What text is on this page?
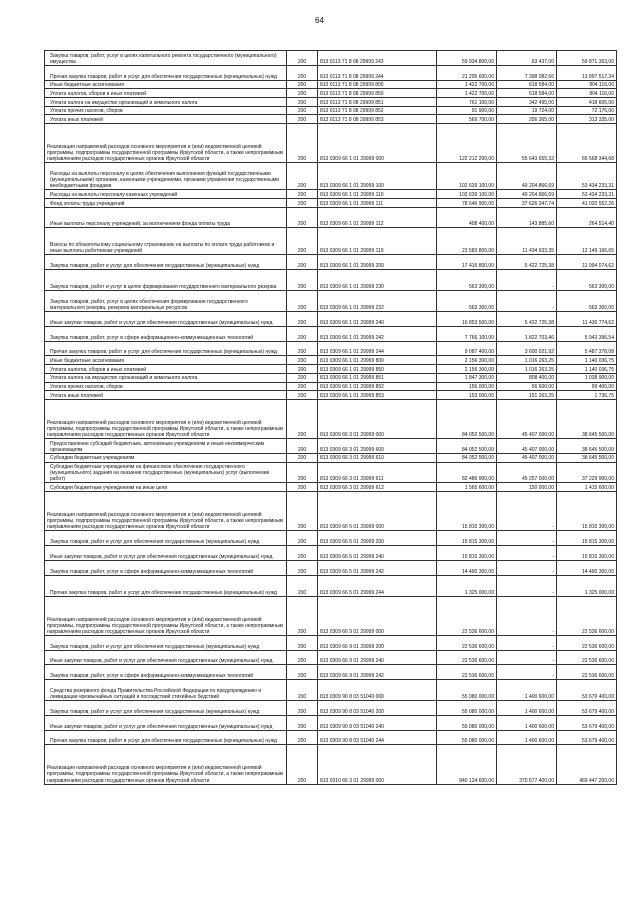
64
Закупка товаров, работ, услуг в целях капитального ремонта государственного (муниципального) имущества	200	813 0113 71 8 08 29999 243	59 934 800,00	63 437,00	59 871 363,00
Прочая закупка товаров, работ и услуг для обеспечения государственных (муниципальных) нужд	200	813 0113 71 8 08 29999 244	21 295 600,00	7 398 082,66	13 897 517,34
Иные бюджетные ассигнования	200	813 0113 71 8 08 29999 800	1 422 700,00	618 584,00	804 116,00
Уплата налогов, сборов и иных платежей	200	813 0113 71 8 08 29999 850	1 422 700,00	618 584,00	804 116,00
Уплата налога на имущество организаций и земельного налога	200	813 0113 71 8 08 29999 851	761 100,00	342 495,00	418 605,00
Уплата прочих налогов, сборов	200	813 0113 71 8 08 29999 852	91 900,00	19 724,00	72 176,00
Уплата иных платежей	200	813 0113 71 8 08 29999 853	569 700,00	256 365,00	313 335,00
Реализация направлений расходов основного мероприятия и (или) ведомственной целевой программы, подпрограммы государственной программы Иркутской области, а также непрограммным направлениям расходов государственных органов Иркутской области	200	813 0309 66 1 01 29999 000	122 212 200,00	55 643 655,32	66 568 344,68
Расходы на выплаты персоналу в целях обеспечения выполнения функций государственными (муниципальными) органами, казенными учреждениями, органами управления государственными внебюджетными фондами	200	813 0309 66 1 01 29999 100	102 639 100,00	49 204 866,69	53 434 233,31
Расходы на выплаты персоналу казенных учреждений	200	813 0309 66 1 01 29999 110	102 639 100,00	49 204 866,69	53 434 233,31
Фонд оплаты труда учреждений	200	813 0309 66 1 01 29999 111	78 646 900,00	37 626 347,74	41 020 552,26
Иные выплаты персоналу учреждений, за исключением фонда оплаты труда	200	813 0309 66 1 01 29999 112	408 400,00	143 885,60	264 514,40
Взносы по обязательному социальному страхованию на выплаты по оплате труда работников и иные выплаты работникам учреждений	200	813 0309 66 1 01 29999 119	23 583 800,00	11 434 633,35	12 149 166,65
Закупка товаров, работ и услуг для обеспечения государственных (муниципальных) нужд	200	813 0309 66 1 01 29999 200	17 416 800,00	5 422 725,38	11 994 074,62
Закупка товаров, работ и услуг в целях формирования государственного материального резерва	200	813 0309 66 1 01 29999 230	563 300,00	-	563 300,00
Закупка товаров, работ, услуг в целях обеспечения формирования государственного материального резерва, резервов материальных ресурсов	200	813 0309 66 1 01 29999 232	563 300,00	-	563 300,00
Иные закупки товаров, работ и услуг для обеспечения государственных (муниципальных) нужд	200	813 0309 66 1 01 29999 240	16 853 500,00	5 422 725,38	11 430 774,62
Закупка товаров, работ, услуг в сфере информационно-коммуникационных технологий	200	813 0309 66 1 01 29999 242	7 766 100,00	1 822 703,46	5 943 396,54
Прочая закупка товаров, работ и услуг для обеспечения государственных (муниципальных) нужд	200	813 0309 66 1 01 29999 244	9 087 400,00	3 600 021,92	5 487 378,08
Иные бюджетные ассигнования	200	813 0309 66 1 01 29999 800	2 156 300,00	1 016 263,25	1 140 036,75
Уплата налогов, сборов и иных платежей	200	813 0309 66 1 01 29999 850	2 156 300,00	1 016 263,25	1 140 036,75
Уплата налога на имущество организаций и земельного налога	200	813 0309 66 1 01 29999 851	1 847 300,00	808 400,00	1 038 900,00
Уплата прочих налогов, сборов	200	813 0309 66 1 01 29999 852	156 000,00	56 600,00	99 400,00
Уплата иных платежей	200	813 0309 66 1 01 29999 853	153 000,00	151 263,25	1 736,75
Реализация направлений расходов основного мероприятия и (или) ведомственной целевой программы, подпрограммы государственной программы Иркутской области, а также непрограммным направлениям расходов государственных органов Иркутской области	200	813 0309 66 3 01 29999 000	84 052 500,00	45 407 000,00	38 645 500,00
Предоставление субсидий бюджетным, автономным учреждениям и иным некоммерческим организациям	200	813 0309 66 3 01 29999 600	84 052 500,00	45 407 000,00	38 645 500,00
Субсидии бюджетным учреждениям	200	813 0309 66 3 01 29999 610	84 052 500,00	45 407 000,00	38 645 500,00
Субсидии бюджетным учреждениям на финансовое обеспечение государственного (муниципального) задания на оказание государственных (муниципальных) услуг (выполнение работ)	200	813 0309 66 3 01 29999 611	82 486 900,00	45 257 000,00	37 229 900,00
Субсидии бюджетным учреждениям на иные цели	200	813 0309 66 3 01 29999 612	1 565 600,00	150 000,00	1 415 600,00
Реализация направлений расходов основного мероприятия и (или) ведомственной целевой программы, подпрограммы государственной программы Иркутской области, а также непрограммным направлениям расходов государственных органов Иркутской области	200	813 0309 66 5 01 29999 000	15 815 300,00	-	15 815 300,00
Закупка товаров, работ и услуг для обеспечения государственных (муниципальных) нужд	200	813 0309 66 5 01 29999 200	15 815 300,00	-	15 815 300,00
Иные закупки товаров, работ и услуг для обеспечения государственных (муниципальных) нужд	200	813 0309 66 5 01 29999 240	15 815 300,00	-	15 815 300,00
Закупка товаров, работ, услуг в сфере информационно-коммуникационных технологий	200	813 0309 66 5 01 29999 242	14 490 300,00	-	14 490 300,00
Прочая закупка товаров, работ и услуг для обеспечения государственных (муниципальных) нужд	200	813 0309 66 5 01 29999 244	1 325 000,00	-	1 325 000,00
Реализация направлений расходов основного мероприятия и (или) ведомственной целевой программы, подпрограммы государственной программы Иркутской области, а также непрограммным направлениям расходов государственных органов Иркутской области	200	813 0309 66 9 01 29999 000	22 536 600,00	-	22 536 600,00
Закупка товаров, работ и услуг для обеспечения государственных (муниципальных) нужд	200	813 0309 66 9 01 29999 200	22 536 600,00	-	22 536 600,00
Иные закупки товаров, работ и услуг для обеспечения государственных (муниципальных) нужд	200	813 0309 66 9 01 29999 240	22 536 600,00	-	22 536 600,00
Закупка товаров, работ, услуг в сфере информационно-коммуникационных технологий	200	813 0309 66 9 01 29999 242	22 536 600,00	-	22 536 600,00
Средства резервного фонда Правительства Российской Федерации по предупреждению и ликвидации чрезвычайных ситуаций и последствий стихийных бедствий	200	813 0309 90 8 03 51040 000	55 080 000,00	1 400 600,00	53 679 400,00
Закупка товаров, работ и услуг для обеспечения государственных (муниципальных) нужд	200	813 0309 90 8 03 51040 200	55 080 000,00	1 400 600,00	53 679 400,00
Иные закупки товаров, работ и услуг для обеспечения государственных (муниципальных) нужд	200	813 0309 90 8 03 51040 240	55 080 000,00	1 400 600,00	53 679 400,00
Прочая закупка товаров, работ и услуг для обеспечения государственных (муниципальных) нужд	200	813 0309 90 8 03 51040 244	55 080 000,00	1 400 600,00	53 679 400,00
Реализация направлений расходов основного мероприятия и (или) ведомственной целевой программы, подпрограммы государственной программы Иркутской области, а также непрограммным направлениям расходов государственных органов Иркутской области	200	813 0310 66 3 01 29999 000	840 124 600,00	370 677 400,00	469 447 200,00
